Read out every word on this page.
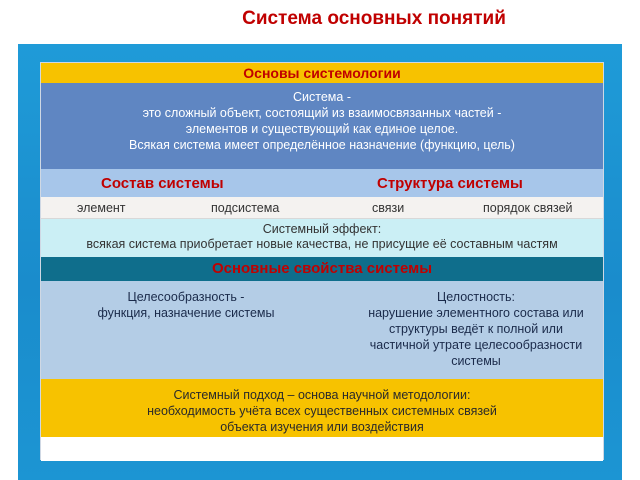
Система основных понятий
Основы системологии
Система -
это сложный объект, состоящий из взаимосвязанных частей -
элементов и существующий как единое целое.
Всякая система имеет определённое назначение (функцию, цель)
Состав системы	Структура системы
элемент	подсистема	связи	порядок связей
Системный эффект:
всякая система приобретает новые качества, не присущие её составным частям
Основные свойства системы
Целесообразность -
функция, назначение системы
Целостность:
нарушение элементного состава или
структуры ведёт к полной или
частичной утрате целесообразности
системы
Системный подход – основа научной методологии:
необходимость учёта всех существенных системных связей
объекта изучения или воздействия
